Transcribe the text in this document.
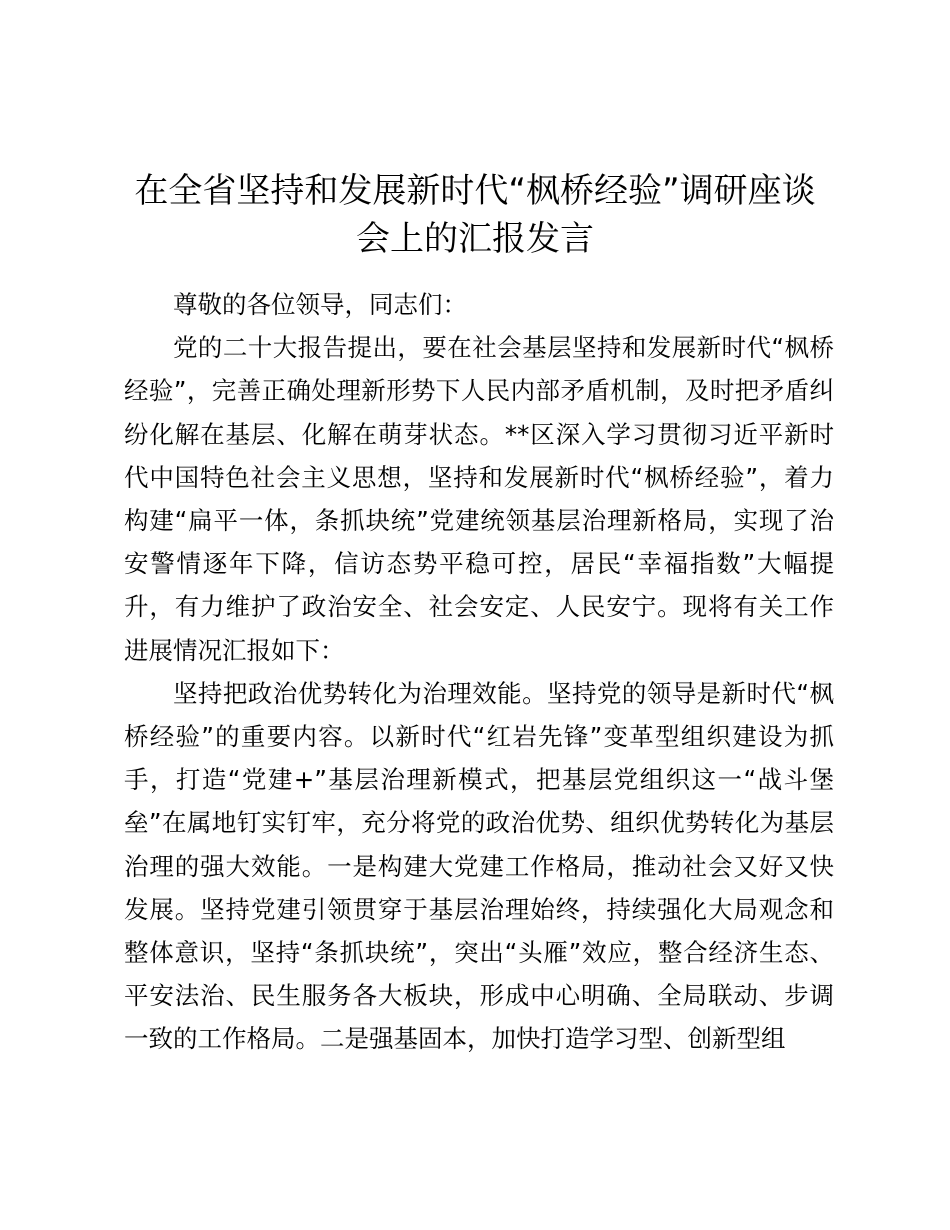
在全省坚持和发展新时代“枫桥经验”调研座谈会上的汇报发言

尊敬的各位领导，同志们：

党的二十大报告提出，要在社会基层坚持和发展新时代“枫桥经验”，完善正确处理新形势下人民内部矛盾机制，及时把矛盾纠纷化解在基层、化解在萌芽状态。**区深入学习贯彻习近平新时代中国特色社会主义思想，坚持和发展新时代“枫桥经验”，着力构建“扁平一体，条抓块统”党建统领基层治理新格局，实现了治安警情逐年下降，信访态势平稳可控，居民“幸福指数”大幅提升，有力维护了政治安全、社会安定、人民安宁。现将有关工作进展情况汇报如下：

坚持把政治优势转化为治理效能。坚持党的领导是新时代“枫桥经验”的重要内容。以新时代“红岩先锋”变革型组织建设为抓手，打造“党建+”基层治理新模式，把基层党组织这一“战斗堡垒”在属地钉实钉牢，充分将党的政治优势、组织优势转化为基层治理的强大效能。一是构建大党建工作格局，推动社会又好又快发展。坚持党建引领贯穿于基层治理始终，持续强化大局观念和整体意识，坚持“条抓块统”，突出“头雁”效应，整合经济生态、平安法治、民生服务各大板块，形成中心明确、全局联动、步调一致的工作格局。二是强基固本，加快打造学习型、创新型组
